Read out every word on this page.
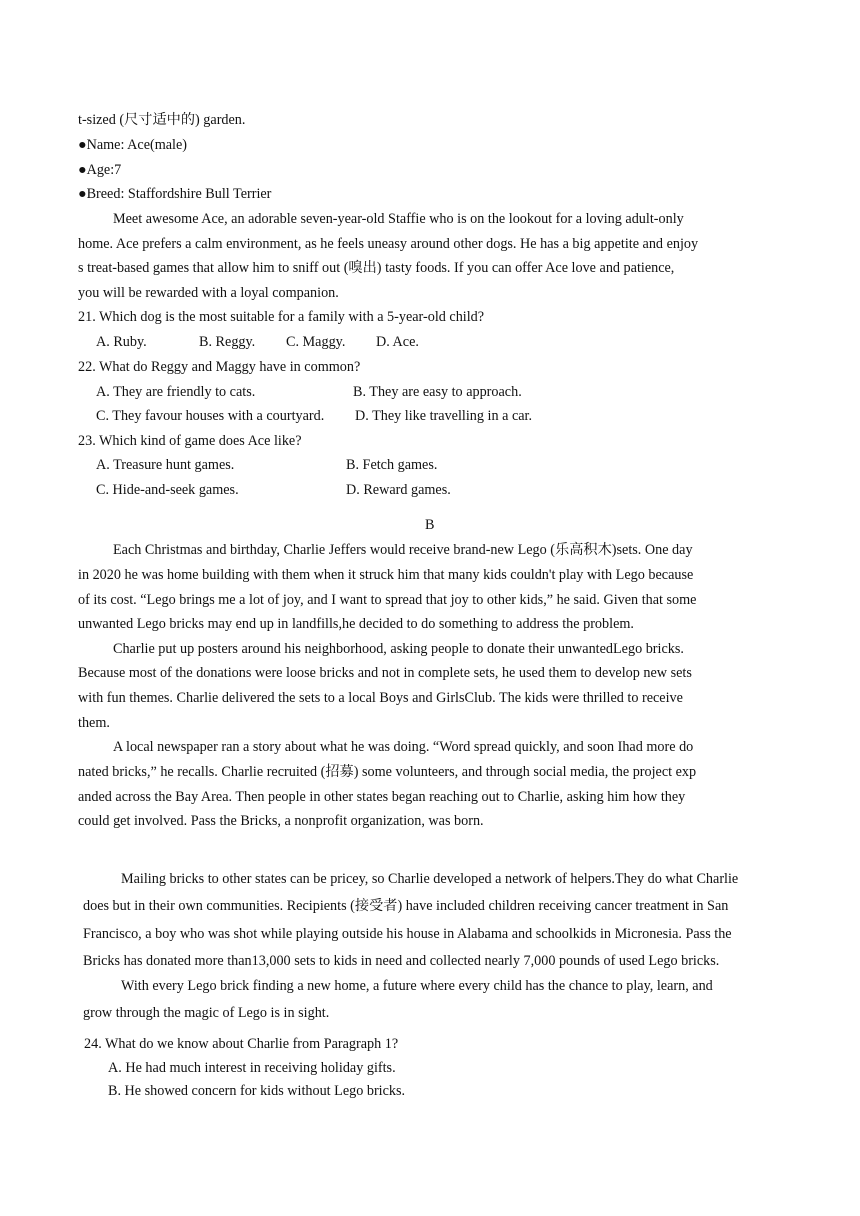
t-sized (尺寸适中的) garden.
●Name: Ace(male)
●Age:7
●Breed: Staffordshire Bull Terrier
Meet awesome Ace, an adorable seven-year-old Staffie who is on the lookout for a loving adult-only
home. Ace prefers a calm environment, as he feels uneasy around other dogs. He has a big appetite and enjoy
s treat-based games that allow him to sniff out (嗅出) tasty foods. If you can offer Ace love and patience,
you will be rewarded with a loyal companion.
21. Which dog is the most suitable for a family with a 5-year-old child?
A. Ruby.	B. Reggy. C. Maggy. D. Ace.
22. What do Reggy and Maggy have in common?
A. They are friendly to cats.	B. They are easy to approach.
C. They favour houses with a courtyard. D. They like travelling in a car.
23. Which kind of game does Ace like?
A. Treasure hunt games.	B. Fetch games.
C. Hide-and-seek games.	D. Reward games.
B
Each Christmas and birthday, Charlie Jeffers would receive brand-new Lego (乐高积木)sets. One day
in 2020 he was home building with them when it struck him that many kids couldn't play with Lego because
of its cost. “Lego brings me a lot of joy, and I want to spread that joy to other kids,” he said. Given that some
unwanted Lego bricks may end up in landfills,he decided to do something to address the problem.
Charlie put up posters around his neighborhood, asking people to donate their unwantedLego bricks.
Because most of the donations were loose bricks and not in complete sets, he used them to develop new sets
with fun themes. Charlie delivered the sets to a local Boys and GirlsClub. The kids were thrilled to receive
them.
A local newspaper ran a story about what he was doing. “Word spread quickly, and soon Ihad more do
nated bricks,” he recalls. Charlie recruited (招募) some volunteers, and through social media, the project exp
anded across the Bay Area. Then people in other states began reaching out to Charlie, asking him how they
could get involved. Pass the Bricks, a nonprofit organization, was born.
Mailing bricks to other states can be pricey, so Charlie developed a network of helpers.They do what Charlie
does but in their own communities. Recipients (接受者) have included children receiving cancer treatment in San
Francisco, a boy who was shot while playing outside his house in Alabama and schoolkids in Micronesia. Pass the
Bricks has donated more than13,000 sets to kids in need and collected nearly 7,000 pounds of used Lego bricks.
With every Lego brick finding a new home, a future where every child has the chance to play, learn, and
grow through the magic of Lego is in sight.
24. What do we know about Charlie from Paragraph 1?
A. He had much interest in receiving holiday gifts.
B. He showed concern for kids without Lego bricks.
